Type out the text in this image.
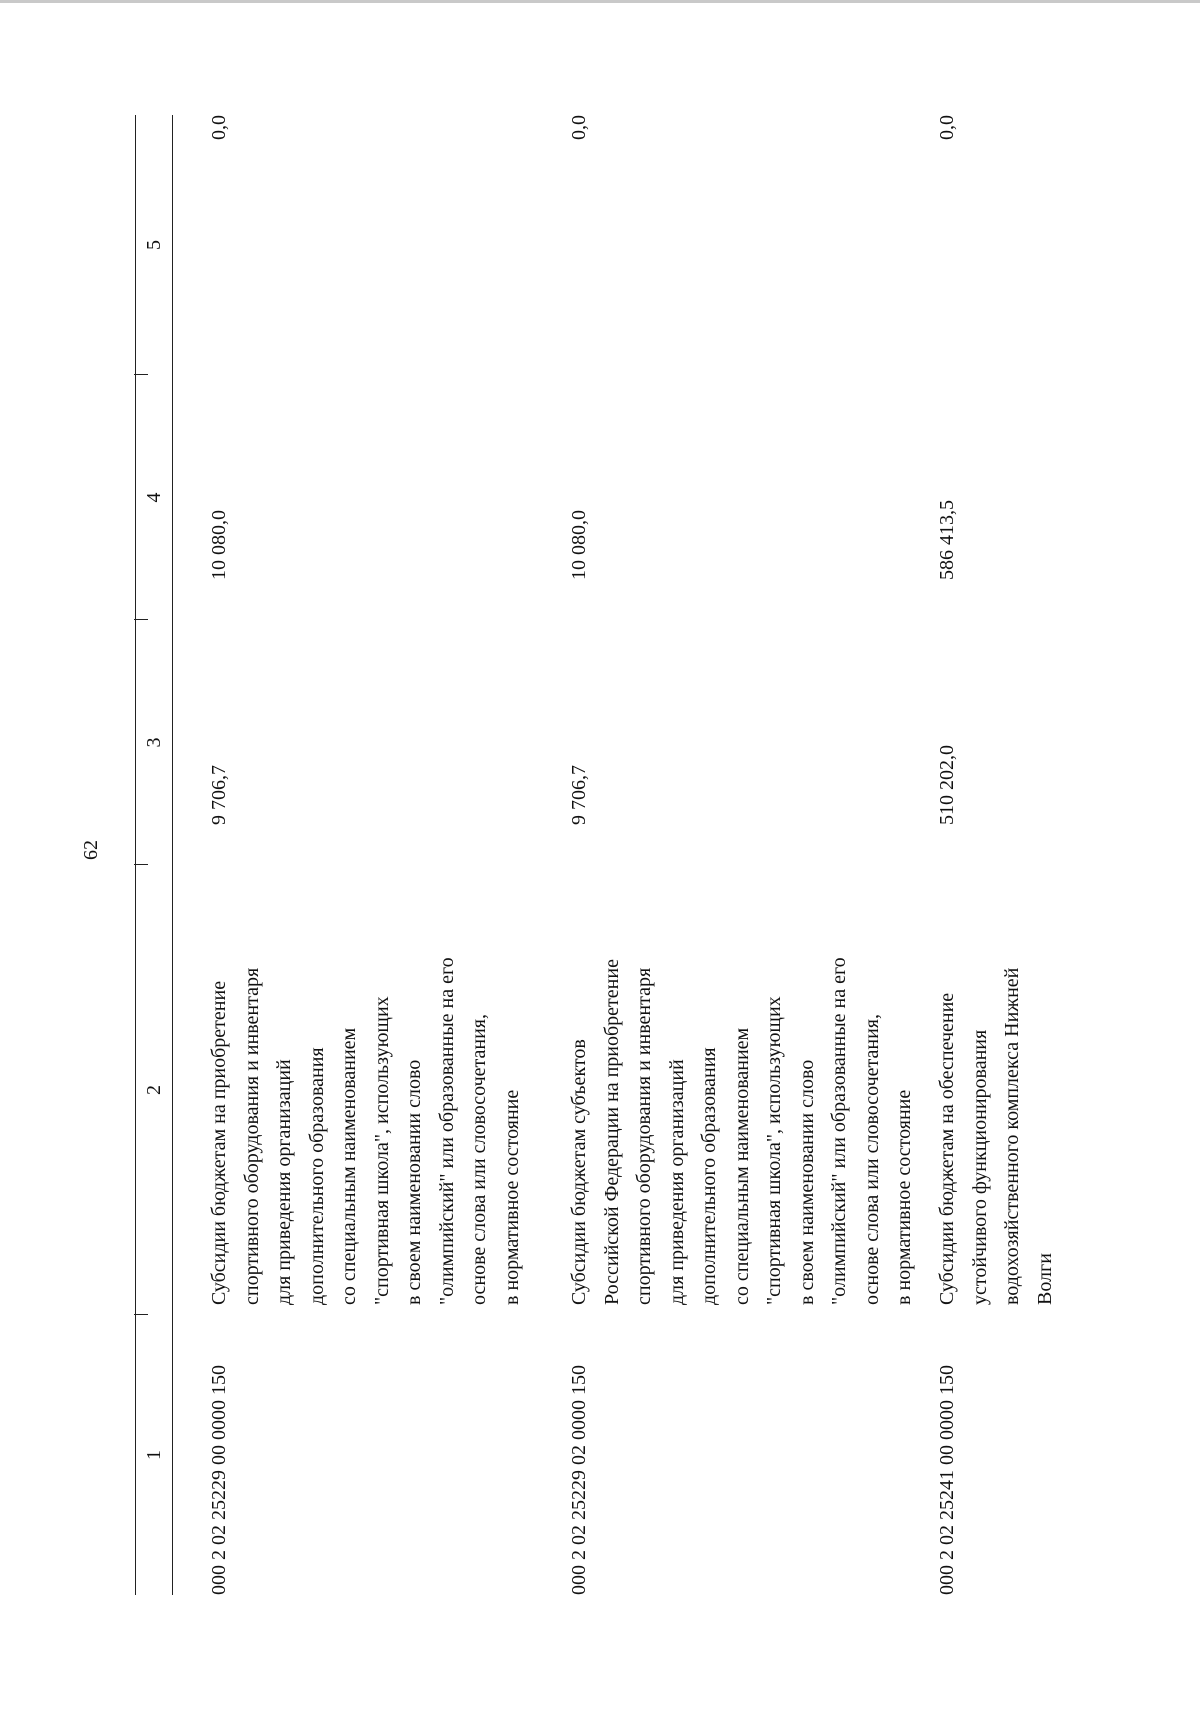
62
1
2
3
4
5
000 2 02 25229 00 0000 150
Субсидии бюджетам на приобретение спортивного оборудования и инвентаря для приведения организаций дополнительного образования со специальным наименованием "спортивная школа", использующих в своем наименовании слово "олимпийский" или образованные на его основе слова или словосочетания, в нормативное состояние
9 706,7
10 080,0
0,0
000 2 02 25229 02 0000 150
Субсидии бюджетам субъектов Российской Федерации на приобретение спортивного оборудования и инвентаря для приведения организаций дополнительного образования со специальным наименованием "спортивная школа", использующих в своем наименовании слово "олимпийский" или образованные на его основе слова или словосочетания, в нормативное состояние
9 706,7
10 080,0
0,0
000 2 02 25241 00 0000 150
Субсидии бюджетам на обеспечение устойчивого функционирования водохозяйственного комплекса Нижней Волги
510 202,0
586 413,5
0,0
